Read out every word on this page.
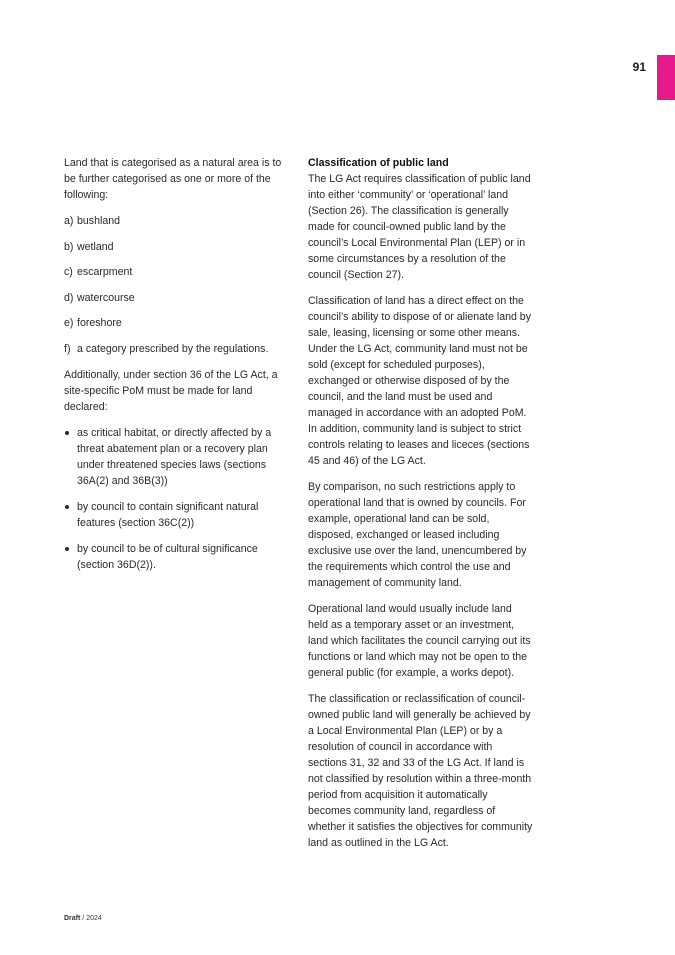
91

Land that is categorised as a natural area is to be further categorised as one or more of the following:

a) bushland
b) wetland
c) escarpment
d) watercourse
e) foreshore
f) a category prescribed by the regulations.

Additionally, under section 36 of the LG Act, a site-specific PoM must be made for land declared:

as critical habitat, or directly affected by a threat abatement plan or a recovery plan under threatened species laws (sections 36A(2) and 36B(3))
by council to contain significant natural features (section 36C(2))
by council to be of cultural significance (section 36D(2)).

Classification of public land

The LG Act requires classification of public land into either ‘community’ or ‘operational’ land (Section 26). The classification is generally made for council-owned public land by the council’s Local Environmental Plan (LEP) or in some circumstances by a resolution of the council (Section 27).

Classification of land has a direct effect on the council’s ability to dispose of or alienate land by sale, leasing, licensing or some other means. Under the LG Act, community land must not be sold (except for scheduled purposes), exchanged or otherwise disposed of by the council, and the land must be used and managed in accordance with an adopted PoM. In addition, community land is subject to strict controls relating to leases and liceces (sections 45 and 46) of the LG Act.

By comparison, no such restrictions apply to operational land that is owned by councils. For example, operational land can be sold, disposed, exchanged or leased including exclusive use over the land, unencumbered by the requirements which control the use and management of community land.

Operational land would usually include land held as a temporary asset or an investment, land which facilitates the council carrying out its functions or land which may not be open to the general public (for example, a works depot).

The classification or reclassification of council-owned public land will generally be achieved by a Local Environmental Plan (LEP) or by a resolution of council in accordance with sections 31, 32 and 33 of the LG Act. If land is not classified by resolution within a three-month period from acquisition it automatically becomes community land, regardless of whether it satisfies the objectives for community land as outlined in the LG Act.

Draft / 2024
